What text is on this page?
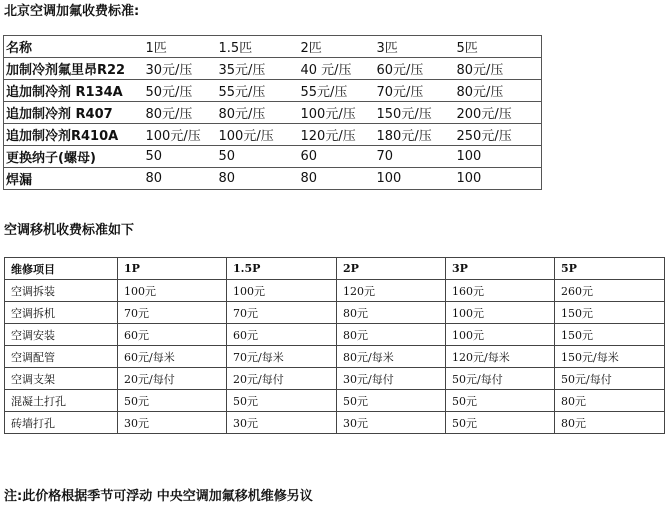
北京空调加氟收费标准:
名称	1匹	1.5匹	2匹	3匹	5匹
加制冷剂氟里昂R22	30元/压	35元/压	40 元/压	60元/压	80元/压
追加制冷剂 R134A	50元/压	55元/压	55元/压	70元/压	80元/压
追加制冷剂 R407	80元/压	80元/压	100元/压	150元/压	200元/压
追加制冷剂R410A	100元/压	100元/压	120元/压	180元/压	250元/压
更换纳子(螺母)	50	50	60	70	100
焊漏	80	80	80	100	100
空调移机收费标准如下
维修项目	1P	1.5P	2P	3P	5P
空调拆装	100元	100元	120元	160元	260元
空调拆机	70元	70元	80元	100元	150元
空调安装	60元	60元	80元	100元	150元
空调配管	60元/每米	70元/每米	80元/每米	120元/每米	150元/每米
空调支架	20元/每付	20元/每付	30元/每付	50元/每付	50元/每付
混凝土打孔	50元	50元	50元	50元	80元
砖墙打孔	30元	30元	30元	50元	80元
注:此价格根据季节可浮动 中央空调加氟移机维修另议
